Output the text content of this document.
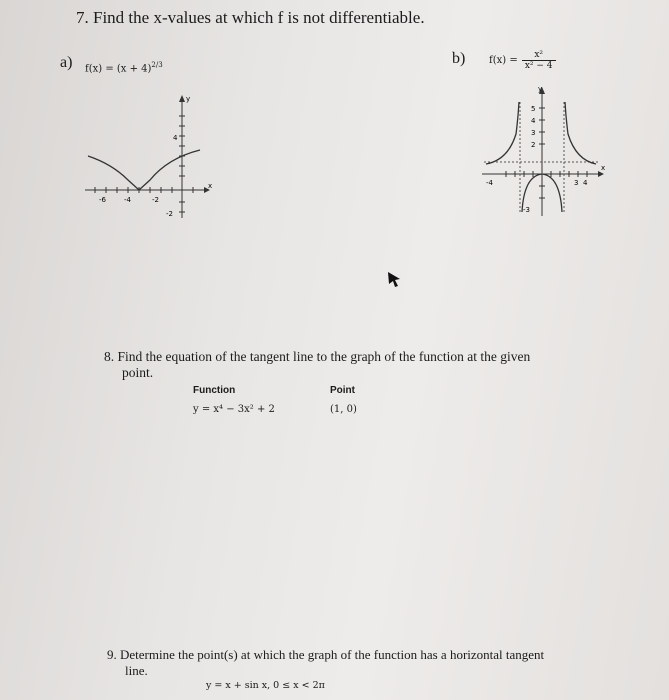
7. Find the x-values at which f is not differentiable.
a) $f(x) = (x + 4)^{2/3}$	b) f(x) = x²
x² − 4
y
x
4
-2
-6	-4	-2
y
x
5
4
3
2
-4	3 4
-3
8. Find the equation of the tangent line to the graph of the function at the given
point.
Function	Point
y = x⁴ − 3x² + 2	(1, 0)
9. Determine the point(s) at which the graph of the function has a horizontal tangent
line.
y = x + sin x, 0 ≤ x < 2π
